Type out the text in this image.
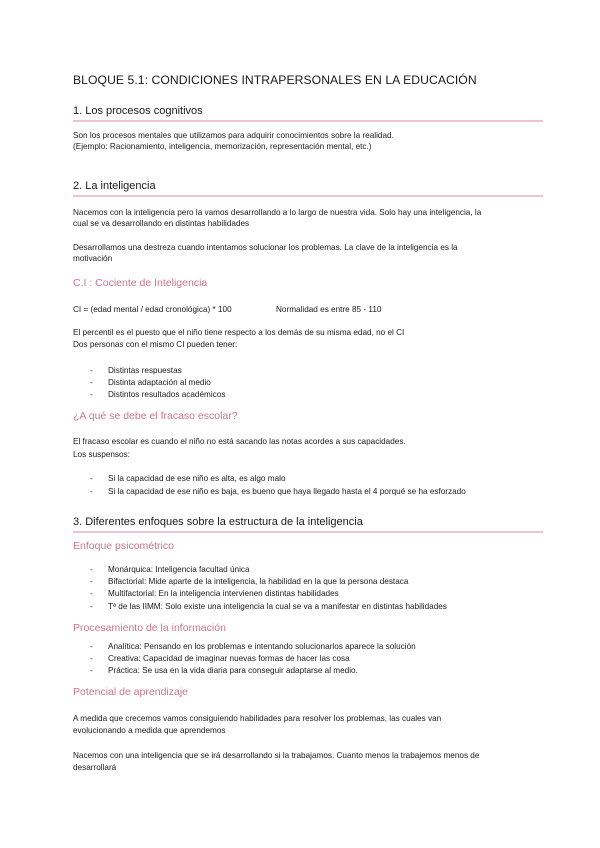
BLOQUE 5.1: CONDICIONES INTRAPERSONALES EN LA EDUCACIÓN
1. Los procesos cognitivos
Son los procesos mentales que utilizamos para adquirir conocimientos sobre la realidad.
(Ejemplo: Racionamiento, inteligencia, memorización, representación mental, etc.)
2. La inteligencia
Nacemos con la inteligencia pero la vamos desarrollando a lo largo de nuestra vida. Solo hay una inteligencia, la
cual se va desarrollando en distintas habilidades
Desarrollamos una destreza cuando intentamos solucionar los problemas. La clave de la inteligencia es la
motivación
C.I : Cociente de Inteligencia
CI = (edad mental / edad cronológica) * 100	Normalidad es entre 85 - 110
El percentil es el puesto que el niño tiene respecto a los demás de su misma edad, no el CI
Dos personas con el mismo CI pueden tener:
- Distintas respuestas
- Distinta adaptación al medio
- Distintos resultados académicos
¿A qué se debe el fracaso escolar?
El fracaso escolar es cuando el niño no está sacando las notas acordes a sus capacidades.
Los suspensos:
- Si la capacidad de ese niño es alta, es algo malo
- Si la capacidad de ese niño es baja, es bueno que haya llegado hasta el 4 porqué se ha esforzado
3. Diferentes enfoques sobre la estructura de la inteligencia
Enfoque psicométrico
- Monárquica: Inteligencia facultad única
- Bifactorial: Mide aparte de la inteligencia, la habilidad en la que la persona destaca
- Multifactorial: En la inteligencia intervienen distintas habilidades
- Tª de las IIMM: Solo existe una inteligencia la cual se va a manifestar en distintas habilidades
Procesamiento de la información
- Analítica: Pensando en los problemas e intentando solucionarlos aparece la solución
- Creativa: Capacidad de imaginar nuevas formas de hacer las cosa
- Práctica: Se usa en la vida diaria para conseguir adaptarse al medio.
Potencial de aprendizaje
A medida que crecemos vamos consiguiendo habilidades para resolver los problemas, las cuales van
evolucionando a medida que aprendemos
Nacemos con una inteligencia que se irá desarrollando si la trabajamos. Cuanto menos la trabajemos menos de
desarrollará
